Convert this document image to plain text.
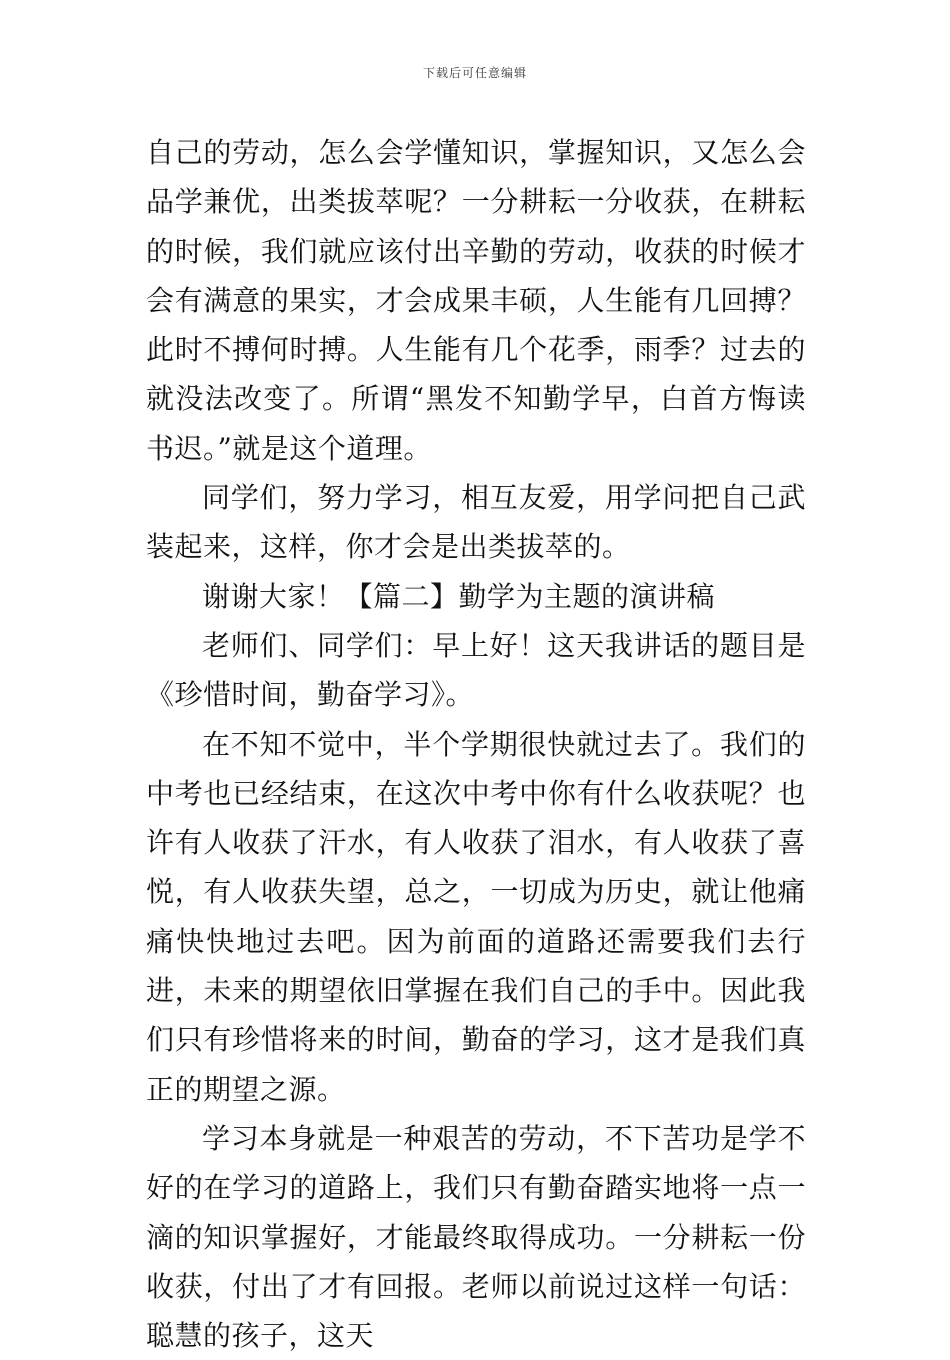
下载后可任意编辑

自己的劳动，怎么会学懂知识，掌握知识，又怎么会品学兼优，出类拔萃呢？一分耕耘一分收获，在耕耘的时候，我们就应该付出辛勤的劳动，收获的时候才会有满意的果实，才会成果丰硕，人生能有几回搏？此时不搏何时搏。人生能有几个花季，雨季？过去的就没法改变了。所谓“黑发不知勤学早，白首方悔读书迟。”就是这个道理。

同学们，努力学习，相互友爱，用学问把自己武装起来，这样，你才会是出类拔萃的。

谢谢大家！【篇二】勤学为主题的演讲稿

老师们、同学们：早上好！这天我讲话的题目是《珍惜时间，勤奋学习》。

在不知不觉中，半个学期很快就过去了。我们的中考也已经结束，在这次中考中你有什么收获呢？也许有人收获了汗水，有人收获了泪水，有人收获了喜悦，有人收获失望，总之，一切成为历史，就让他痛痛快快地过去吧。因为前面的道路还需要我们去行进，未来的期望依旧掌握在我们自己的手中。因此我们只有珍惜将来的时间，勤奋的学习，这才是我们真正的期望之源。

学习本身就是一种艰苦的劳动，不下苦功是学不好的在学习的道路上，我们只有勤奋踏实地将一点一滴的知识掌握好，才能最终取得成功。一分耕耘一份收获，付出了才有回报。老师以前说过这样一句话：聪慧的孩子，这天
